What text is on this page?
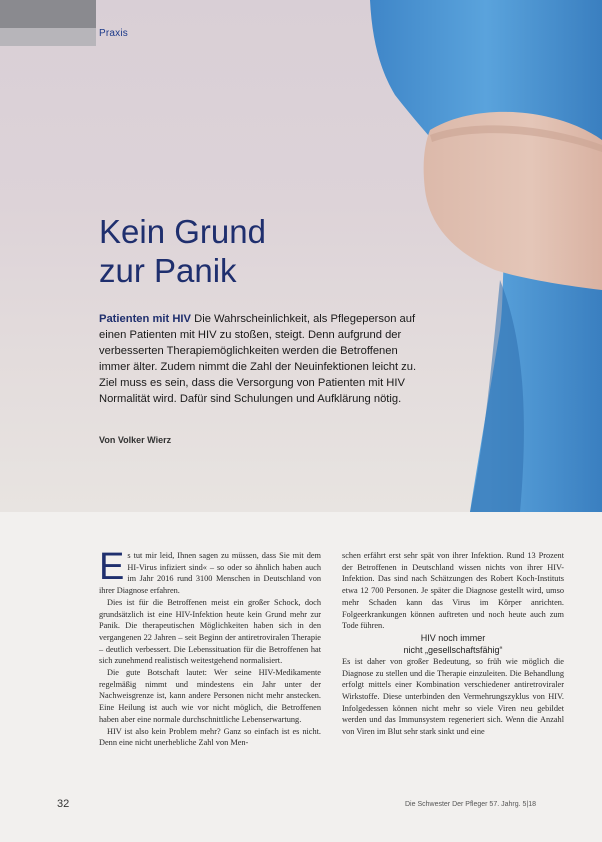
Praxis
Kein Grund
zur Panik
Patienten mit HIV Die Wahrscheinlichkeit, als Pflegeperson auf einen Patienten mit HIV zu stoßen, steigt. Denn aufgrund der verbesserten Therapiemöglichkeiten werden die Betroffenen immer älter. Zudem nimmt die Zahl der Neuinfektionen leicht zu. Ziel muss es sein, dass die Versorgung von Patienten mit HIV Normalität wird. Dafür sind Schulungen und Aufklärung nötig.
Von Volker Wierz

Es tut mir leid, Ihnen sagen zu müssen, dass Sie mit dem HI-Virus infiziert sind« – so oder so ähnlich haben auch im Jahr 2016 rund 3100 Menschen in Deutschland von ihrer Diagnose erfahren.

Dies ist für die Betroffenen meist ein großer Schock, doch grundsätzlich ist eine HIV-Infektion heute kein Grund mehr zur Panik. Die therapeutischen Möglichkeiten haben sich in den vergangenen 22 Jahren – seit Beginn der antiretroviralen Therapie – deutlich verbessert. Die Lebenssituation für die Betroffenen hat sich zunehmend realistisch weitestgehend normalisiert.

Die gute Botschaft lautet: Wer seine HIV-Medikamente regelmäßig nimmt und mindestens ein Jahr unter der Nachweisgrenze ist, kann andere Personen nicht mehr anstecken. Eine Heilung ist auch wie vor nicht möglich, die Betroffenen haben aber eine normale durchschnittliche Lebenserwartung.

HIV ist also kein Problem mehr? Ganz so einfach ist es nicht. Denn eine nicht unerhebliche Zahl von Men-

schen erfährt erst sehr spät von ihrer Infektion. Rund 13 Prozent der Betroffenen in Deutschland wissen nichts von ihrer HIV-Infektion. Das sind nach Schätzungen des Robert Koch-Instituts etwa 12 700 Personen. Je später die Diagnose gestellt wird, umso mehr Schaden kann das Virus im Körper anrichten. Folgeerkrankungen können auftreten und noch heute auch zum Tode führen.

HIV noch immer
nicht „gesellschaftsfähig“

Es ist daher von großer Bedeutung, so früh wie möglich die Diagnose zu stellen und die Therapie einzuleiten. Die Behandlung erfolgt mittels einer Kombination verschiedener antiretroviraler Wirkstoffe. Diese unterbinden den Vermehrungszyklus von HIV. Infolgedessen können nicht mehr so viele Viren neu gebildet werden und das Immunsystem regeneriert sich. Wenn die Anzahl von Viren im Blut sehr stark sinkt und eine

32	Die Schwester Der Pfleger 57. Jahrg. 5|18
